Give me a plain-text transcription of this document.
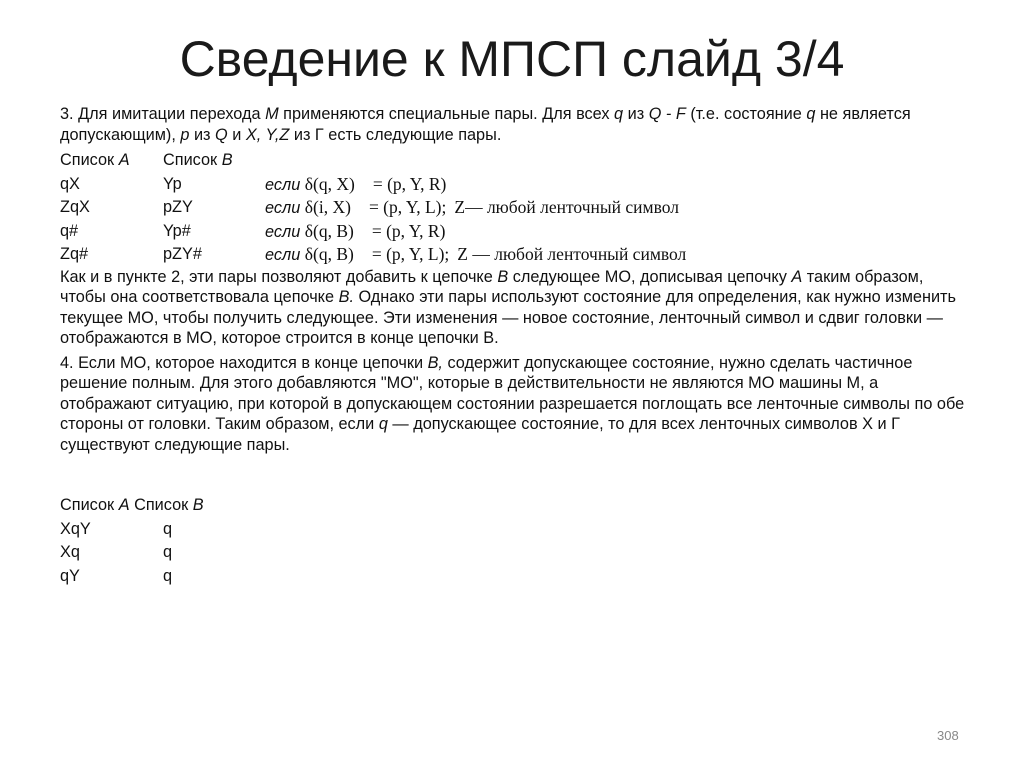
Сведение к МПСП слайд 3/4

3. Для имитации перехода M применяются специальные пары. Для всех q из Q - F (т.е. состояние q не является допускающим), p из Q и X, Y,Z из Г есть следующие пары.

Список A Список B
qX	Yp	если δ(q, X) = (p, Y, R)
ZqX	pZY	если δ(i, X) = (p, Y, L); Z— любой ленточный символ
q#	Yp#	если δ(q, B) = (p, Y, R)
Zq#	pZY#	если δ(q, B) = (p, Y, L); Z — любой ленточный символ

Как и в пункте 2, эти пары позволяют добавить к цепочке B следующее МО, дописывая цепочку A таким образом, чтобы она соответствовала цепочке B. Однако эти пары используют состояние для определения, как нужно изменить текущее МО, чтобы получить следующее. Эти изменения — новое состояние, ленточный символ и сдвиг головки — отображаются в МО, которое строится в конце цепочки В.

4. Если МО, которое находится в конце цепочки B, содержит допускающее состояние, нужно сделать частичное решение полным. Для этого добавляются "МО", которые в действительности не являются МО машины М, а отображают ситуацию, при которой в допускающем состоянии разрешается поглощать все ленточные символы по обе стороны от головки. Таким образом, если q — допускающее состояние, то для всех ленточных символов X и Г существуют следующие пары.

Список A Список B
XqY	q
Xq	q
qY	q
308
